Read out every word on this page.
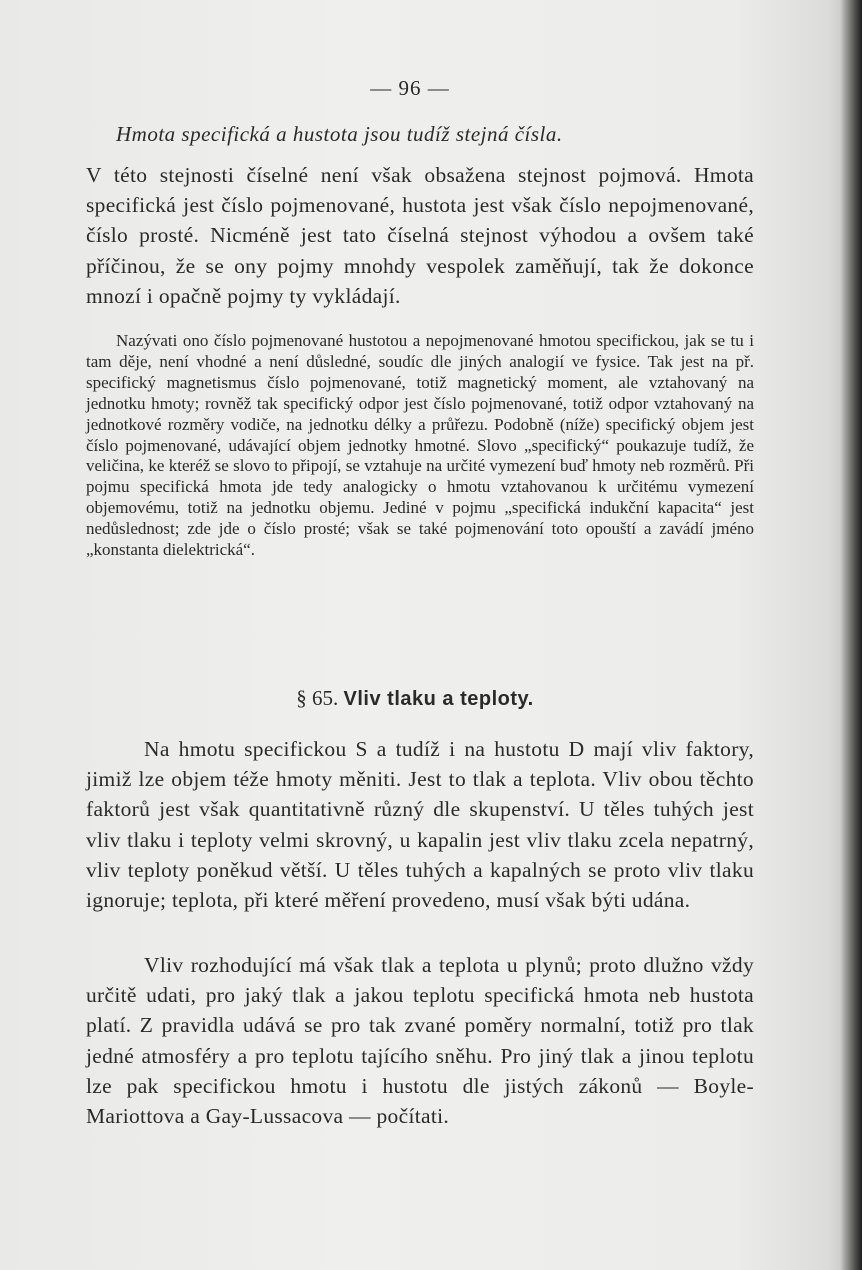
— 96 —
Hmota specifická a hustota jsou tudíž stejná čísla.

V této stejnosti číselné není však obsažena stejnost pojmová. Hmota specifická jest číslo pojmenované, hustota jest však číslo nepojmenované, číslo prosté. Nicméně jest tato číselná stejnost výhodou a ovšem také příčinou, že se ony pojmy mnohdy vespolek zaměňují, tak že dokonce mnozí i opačně pojmy ty vykládají.

Nazývati ono číslo pojmenované hustotou a nepojmenované hmotou specifickou, jak se tu i tam děje, není vhodné a není důsledné, soudíc dle jiných analogií ve fysice. Tak jest na př. specifický magnetismus číslo pojmenované, totiž magnetický moment, ale vztahovaný na jednotku hmoty; rovněž tak specifický odpor jest číslo pojmenované, totiž odpor vztahovaný na jednotkové rozměry vodiče, na jednotku délky a průřezu. Podobně (níže) specifický objem jest číslo pojmenované, udávající objem jednotky hmotné. Slovo „specifický“ poukazuje tudíž, že veličina, ke kteréž se slovo to připojí, se vztahuje na určité vymezení buď hmoty neb rozměrů. Při pojmu specifická hmota jde tedy analogicky o hmotu vztahovanou k určitému vymezení objemovému, totiž na jednotku objemu. Jediné v pojmu „specifická indukční kapacita“ jest nedůslednost; zde jde o číslo prosté; však se také pojmenování toto opouští a zavádí jméno „konstanta dielektrická“.

§ 65. Vliv tlaku a teploty.

Na hmotu specifickou S a tudíž i na hustotu D mají vliv faktory, jimiž lze objem téže hmoty měniti. Jest to tlak a teplota. Vliv obou těchto faktorů jest však quantitativně různý dle skupenství. U těles tuhých jest vliv tlaku i teploty velmi skrovný, u kapalin jest vliv tlaku zcela nepatrný, vliv teploty poněkud větší. U těles tuhých a kapalných se proto vliv tlaku ignoruje; teplota, při které měření provedeno, musí však býti udána.

Vliv rozhodující má však tlak a teplota u plynů; proto dlužno vždy určitě udati, pro jaký tlak a jakou teplotu specifická hmota neb hustota platí. Z pravidla udává se pro tak zvané poměry normalní, totiž pro tlak jedné atmosféry a pro teplotu tajícího sněhu. Pro jiný tlak a jinou teplotu lze pak specifickou hmotu i hustotu dle jistých zákonů — Boyle-Mariottova a Gay-Lussacova — počítati.
